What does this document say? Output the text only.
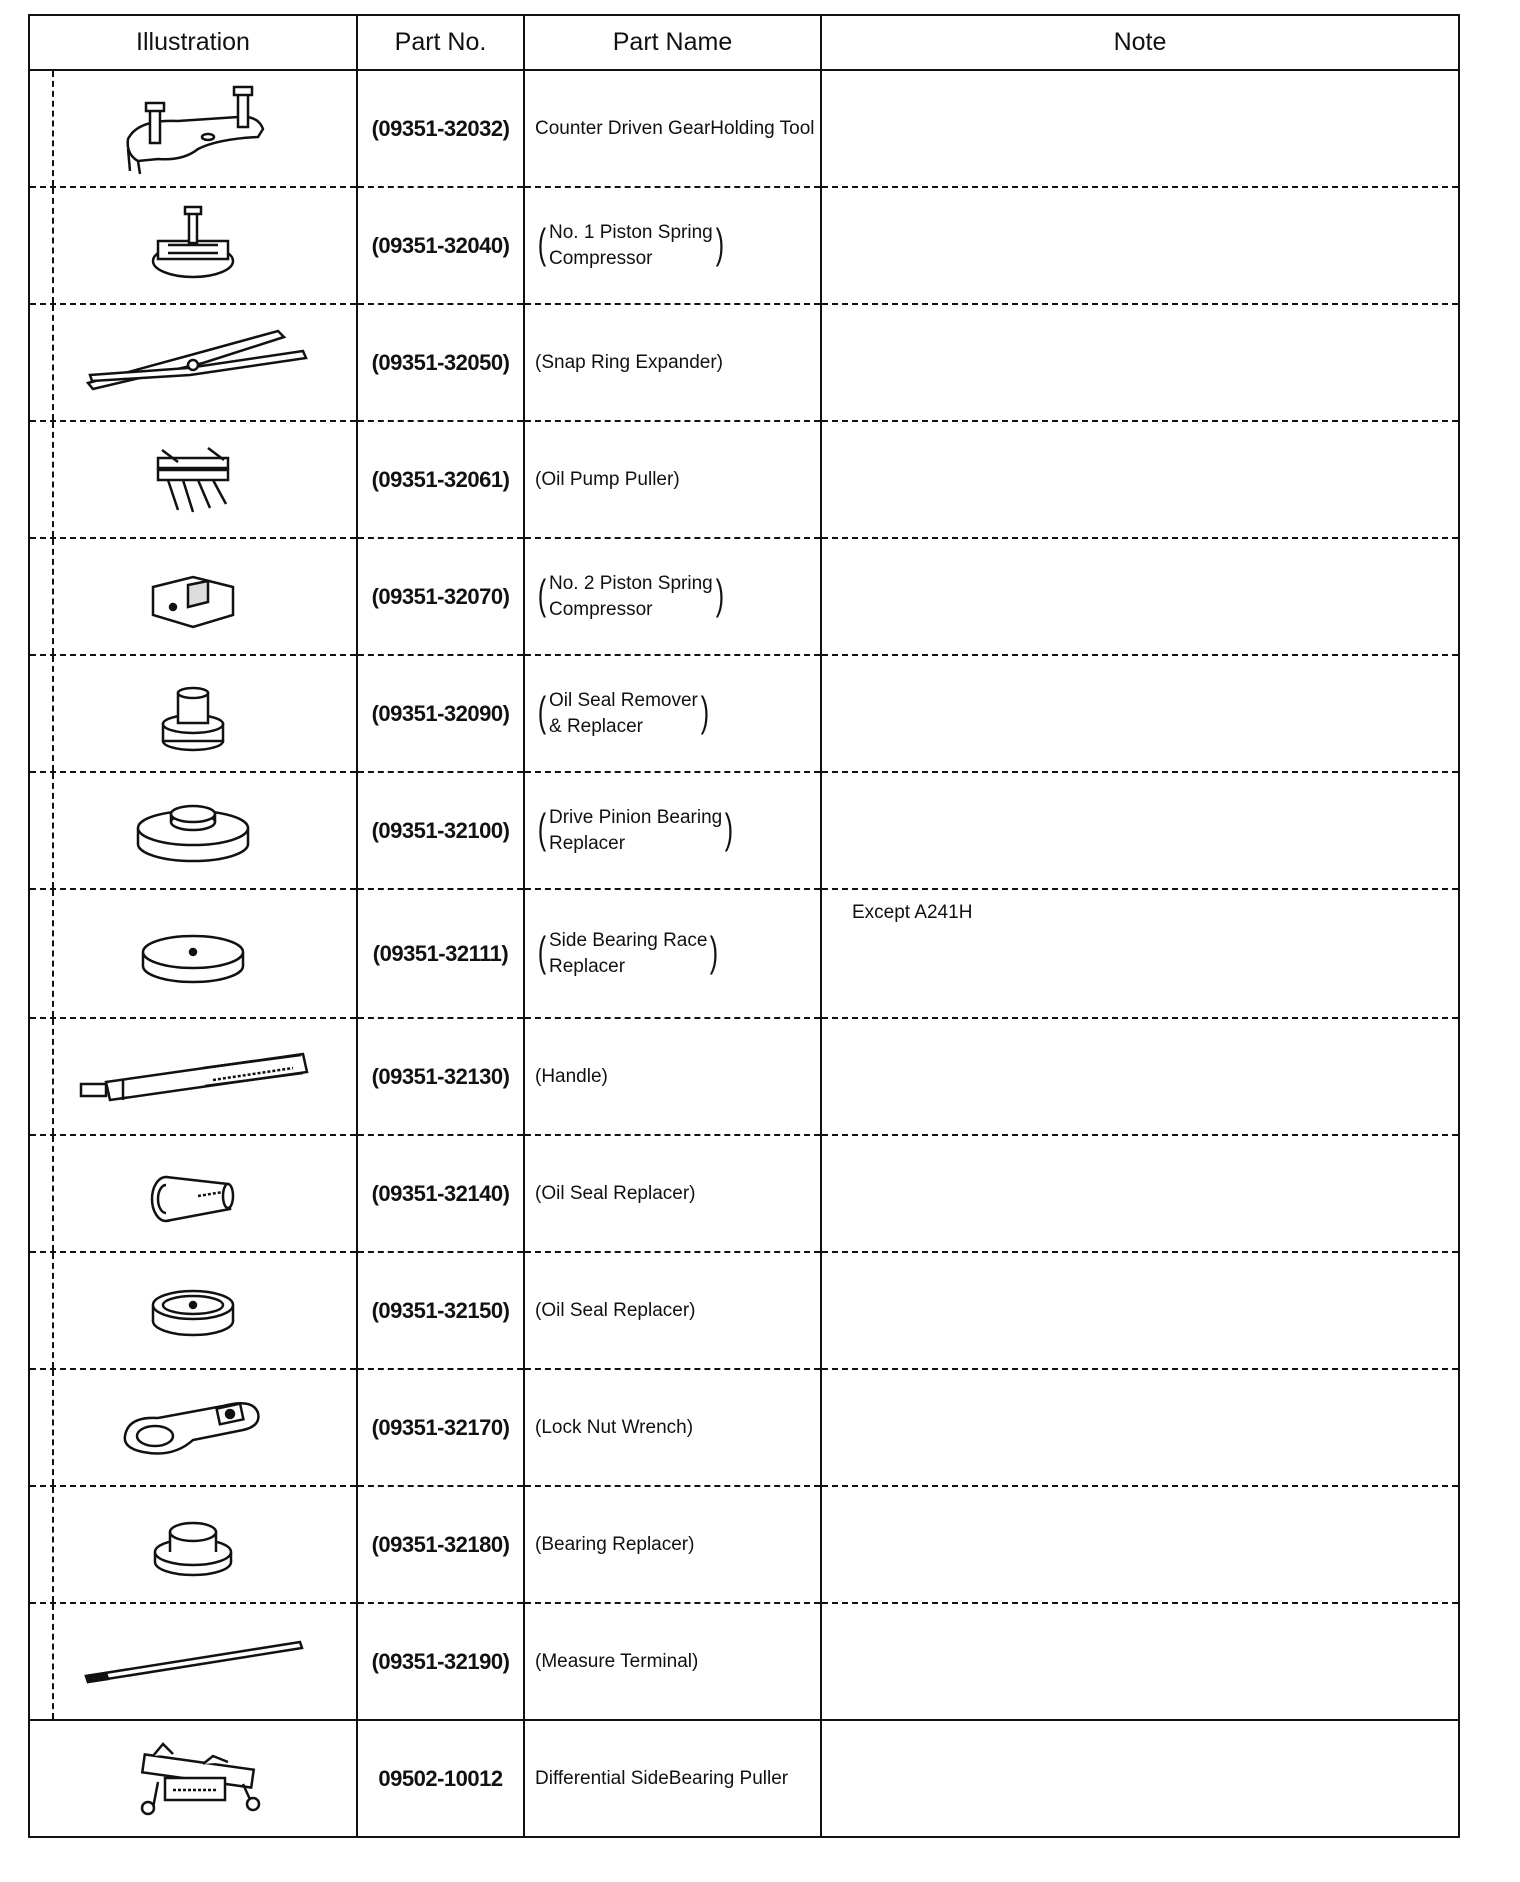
Illustration	Part No.	Part Name	Note

	(09351-32032)	Counter Driven GearHolding Tool	

	(09351-32040)	( No. 1 Piston Spring
Compressor )	

	(09351-32050)	(Snap Ring Expander)	

	(09351-32061)	(Oil Pump Puller)	

	(09351-32070)	( No. 2 Piston Spring
Compressor )	

	(09351-32090)	( Oil Seal Remover
& Replacer )	

	(09351-32100)	( Drive Pinion Bearing
Replacer )	

	(09351-32111)	( Side Bearing Race
Replacer )	Except A241H

	(09351-32130)	(Handle)	

	(09351-32140)	(Oil Seal Replacer)	

	(09351-32150)	(Oil Seal Replacer)	

	(09351-32170)	(Lock Nut Wrench)	

	(09351-32180)	(Bearing Replacer)	

	(09351-32190)	(Measure Terminal)	

	09502-10012	Differential SideBearing Puller	
